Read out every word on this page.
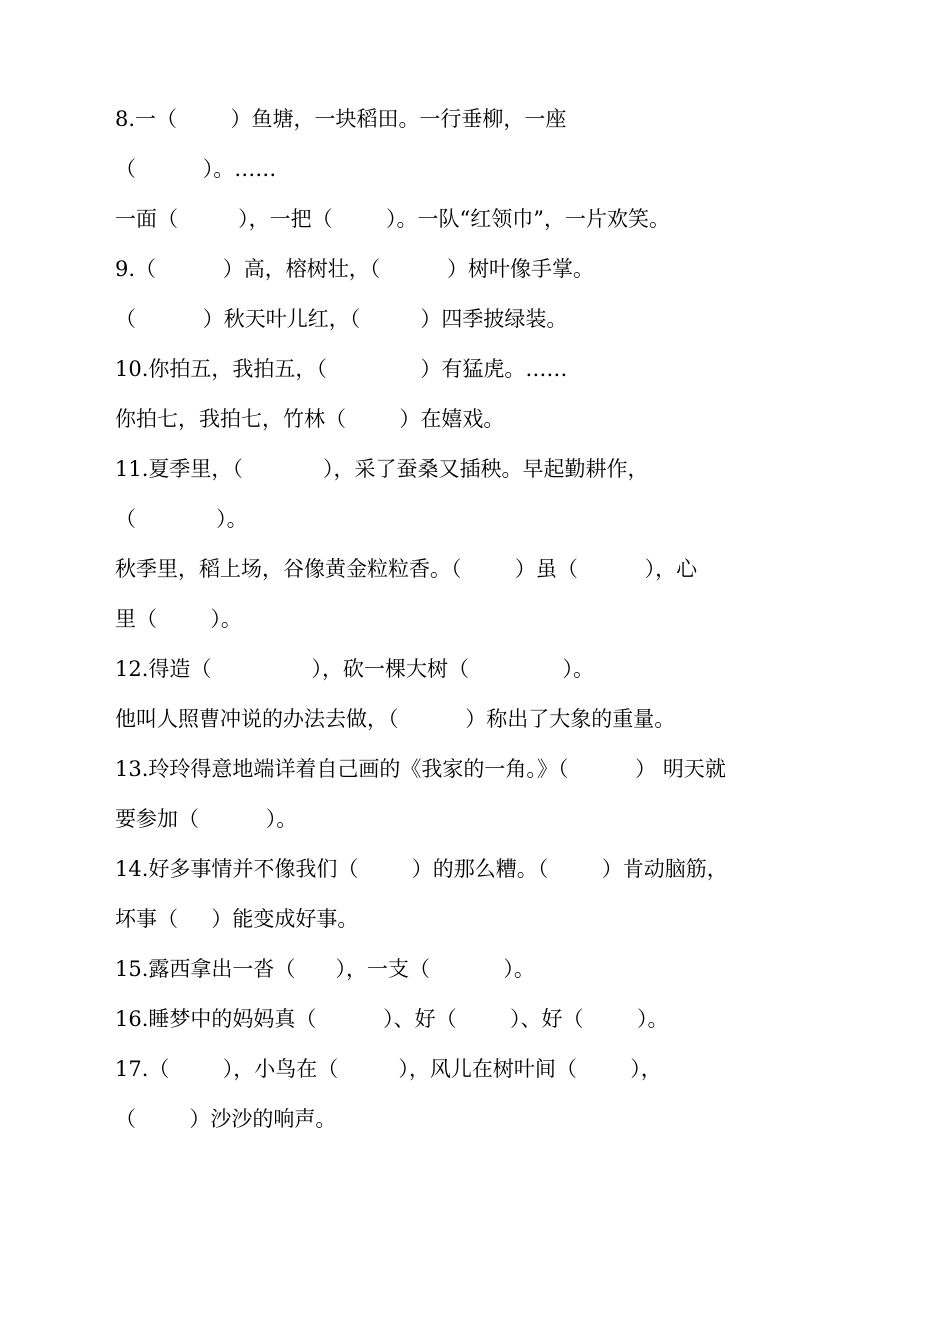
8.一（        ）鱼塘，一块稻田。一行垂柳，一座
（          ）。……
一面（         ），一把（        ）。一队“红领巾”，一片欢笑。
9.（          ）高，榕树壮，（          ）树叶像手掌。
（          ）秋天叶儿红，（         ）四季披绿装。
10.你拍五，我拍五，（              ）有猛虎。……
你拍七，我拍七，竹林（        ）在嬉戏。
11.夏季里，（            ），采了蚕桑又插秧。早起勤耕作，
（            ）。
秋季里，稻上场，谷像黄金粒粒香。（        ）虽（          ），心
里（        ）。
12.得造（               ），砍一棵大树（              ）。
他叫人照曹冲说的办法去做，（          ）称出了大象的重量。
13.玲玲得意地端详着自己画的《我家的一角。》（          ） 明天就
要参加（          ）。
14.好多事情并不像我们（        ）的那么糟。（        ）肯动脑筋，
坏事（     ）能变成好事。
15.露西拿出一沓（      ），一支（           ）。
16.睡梦中的妈妈真（          ）、好（        ）、好（        ）。
17.（        ），小鸟在（         ），风儿在树叶间（        ），
（        ）沙沙的响声。
